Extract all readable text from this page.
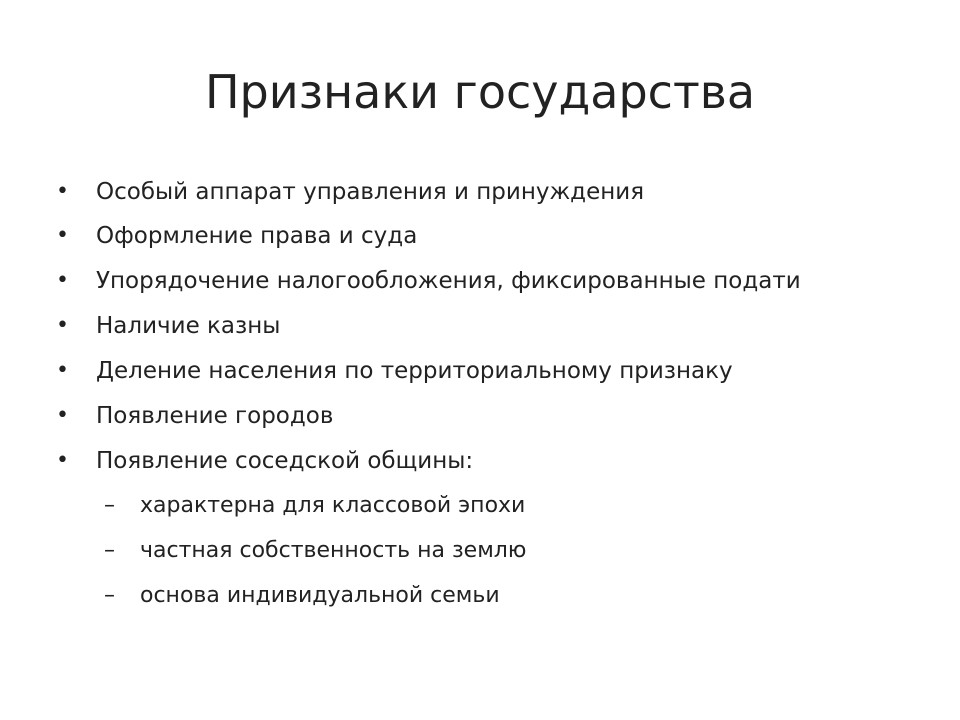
Признаки государства
• Особый аппарат управления и принуждения
• Оформление права и суда
• Упорядочение налогообложения, фиксированные подати
• Наличие казны
• Деление населения по территориальному признаку
• Появление городов
• Появление соседской общины:
– характерна для классовой эпохи
– частная собственность на землю
– основа индивидуальной семьи
